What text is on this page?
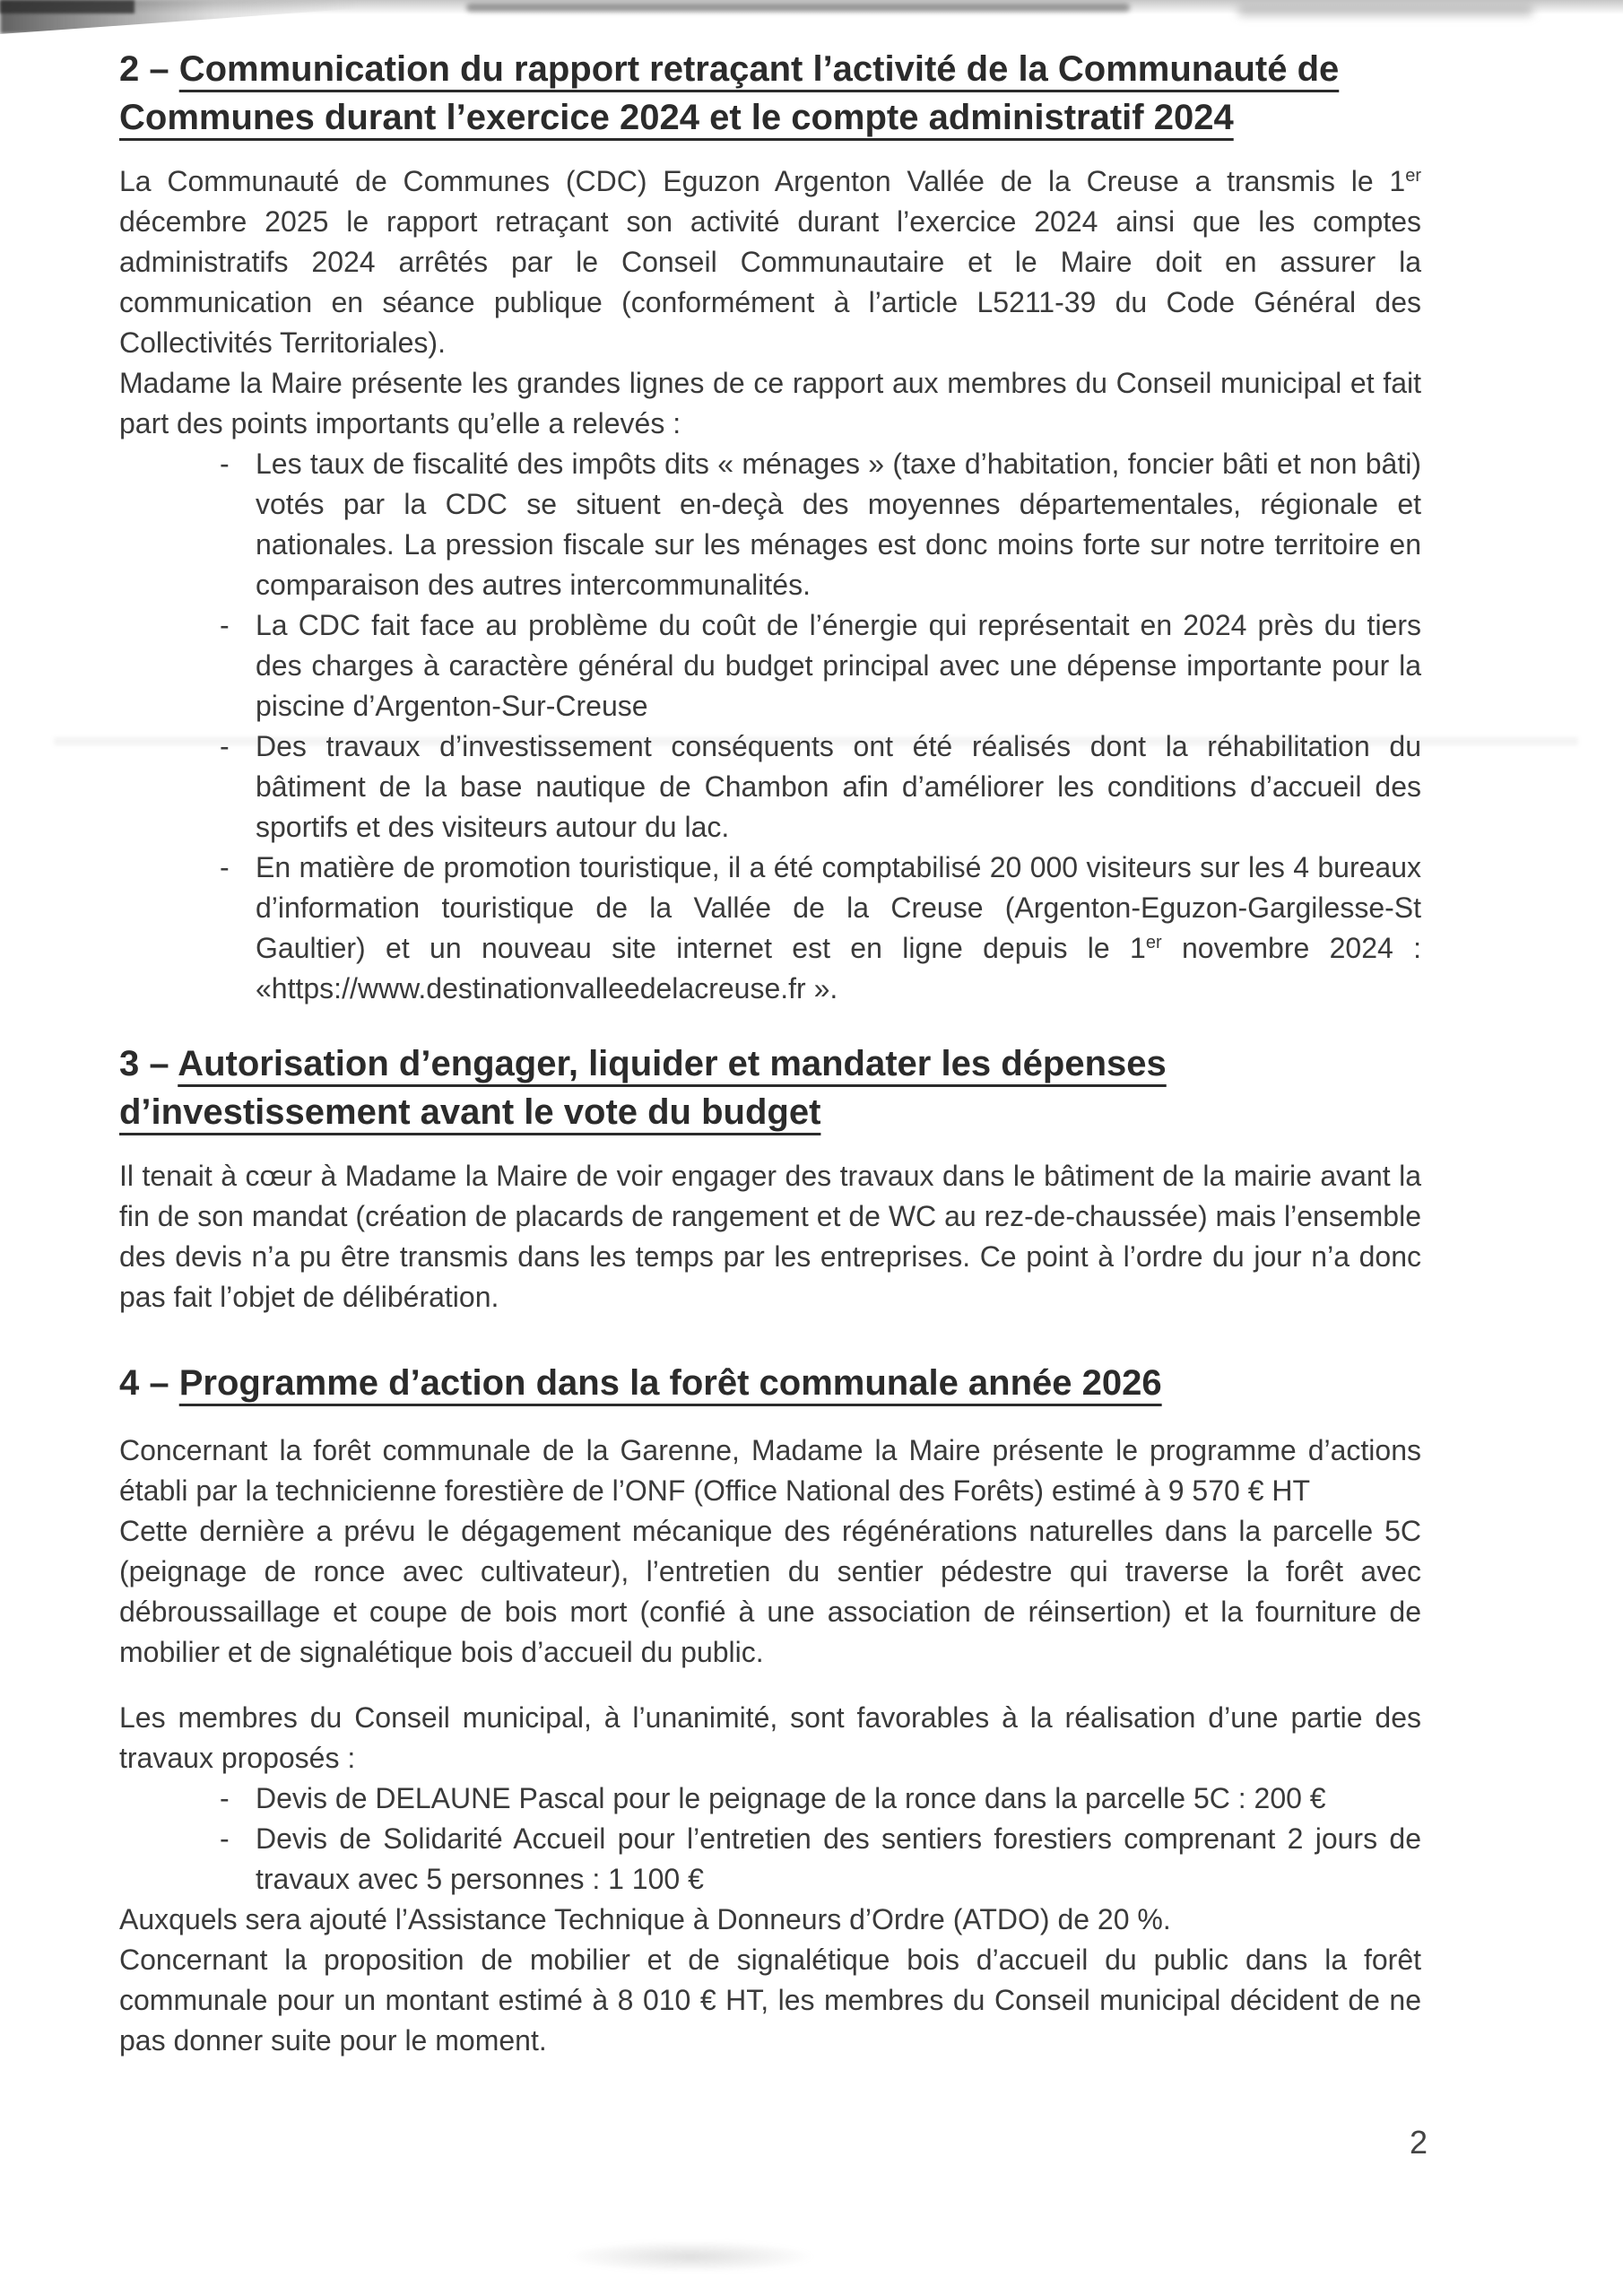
2 – Communication du rapport retraçant l’activité de la Communauté de Communes durant l’exercice 2024 et le compte administratif 2024

La Communauté de Communes (CDC) Eguzon Argenton Vallée de la Creuse a transmis le 1er décembre 2025 le rapport retraçant son activité durant l’exercice 2024 ainsi que les comptes administratifs 2024 arrêtés par le Conseil Communautaire et le Maire doit en assurer la communication en séance publique (conformément à l’article L5211-39 du Code Général des Collectivités Territoriales).

Madame la Maire présente les grandes lignes de ce rapport aux membres du Conseil municipal et fait part des points importants qu’elle a relevés :

- Les taux de fiscalité des impôts dits « ménages » (taxe d’habitation, foncier bâti et non bâti) votés par la CDC se situent en-deçà des moyennes départementales, régionale et nationales. La pression fiscale sur les ménages est donc moins forte sur notre territoire en comparaison des autres intercommunalités.
- La CDC fait face au problème du coût de l’énergie qui représentait en 2024 près du tiers des charges à caractère général du budget principal avec une dépense importante pour la piscine d’Argenton-Sur-Creuse
- Des travaux d’investissement conséquents ont été réalisés dont la réhabilitation du bâtiment de la base nautique de Chambon afin d’améliorer les conditions d’accueil des sportifs et des visiteurs autour du lac.
- En matière de promotion touristique, il a été comptabilisé 20 000 visiteurs sur les 4 bureaux d’information touristique de la Vallée de la Creuse (Argenton-Eguzon-Gargilesse-St Gaultier) et un nouveau site internet est en ligne depuis le 1er novembre 2024 : «https://www.destinationvalleedelacreuse.fr ».
3 – Autorisation d’engager, liquider et mandater les dépenses d’investissement avant le vote du budget

Il tenait à cœur à Madame la Maire de voir engager des travaux dans le bâtiment de la mairie avant la fin de son mandat (création de placards de rangement et de WC au rez-de-chaussée) mais l’ensemble des devis n’a pu être transmis dans les temps par les entreprises. Ce point à l’ordre du jour n’a donc pas fait l’objet de délibération.

4 – Programme d’action dans la forêt communale année 2026

Concernant la forêt communale de la Garenne, Madame la Maire présente le programme d’actions établi par la technicienne forestière de l’ONF (Office National des Forêts) estimé à 9 570 € HT

Cette dernière a prévu le dégagement mécanique des régénérations naturelles dans la parcelle 5C (peignage de ronce avec cultivateur), l’entretien du sentier pédestre qui traverse la forêt avec débroussaillage et coupe de bois mort (confié à une association de réinsertion) et la fourniture de mobilier et de signalétique bois d’accueil du public.

Les membres du Conseil municipal, à l’unanimité, sont favorables à la réalisation d’une partie des travaux proposés :

- Devis de DELAUNE Pascal pour le peignage de la ronce dans la parcelle 5C : 200 €
- Devis de Solidarité Accueil pour l’entretien des sentiers forestiers comprenant 2 jours de travaux avec 5 personnes : 1 100 €

Auxquels sera ajouté l’Assistance Technique à Donneurs d’Ordre (ATDO) de 20 %.

Concernant la proposition de mobilier et de signalétique bois d’accueil du public dans la forêt communale pour un montant estimé à 8 010 € HT, les membres du Conseil municipal décident de ne pas donner suite pour le moment.

2
